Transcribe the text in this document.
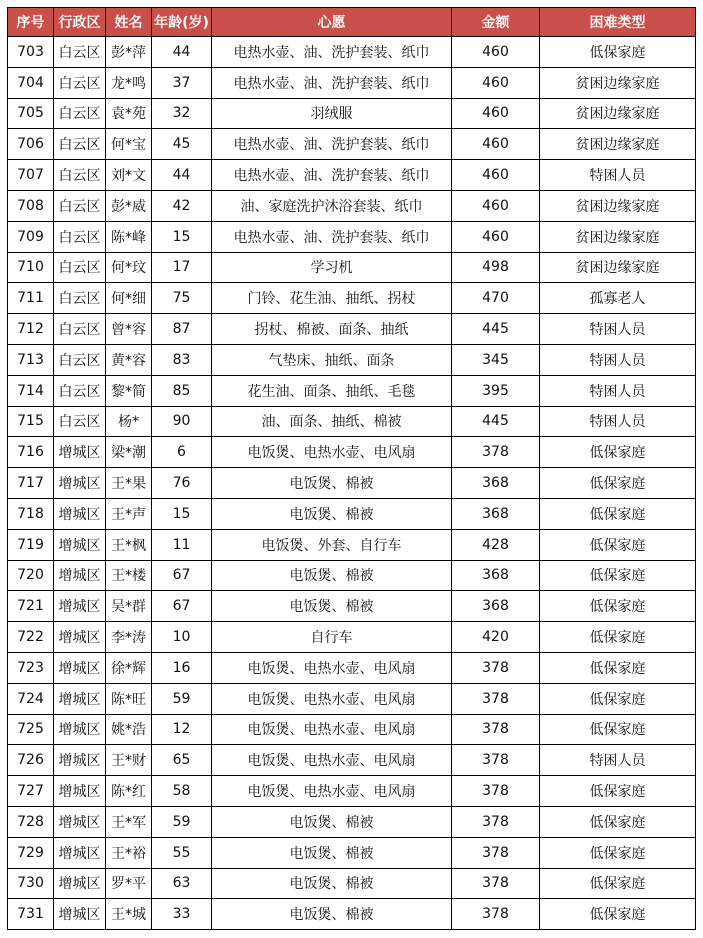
序号	行政区	姓名	年龄(岁)	心愿	金额	困难类型
703	白云区	彭*萍	44	电热水壶、油、洗护套装、纸巾	460	低保家庭
704	白云区	龙*鸣	37	电热水壶、油、洗护套装、纸巾	460	贫困边缘家庭
705	白云区	袁*苑	32	羽绒服	460	贫困边缘家庭
706	白云区	何*宝	45	电热水壶、油、洗护套装、纸巾	460	贫困边缘家庭
707	白云区	刘*文	44	电热水壶、油、洗护套装、纸巾	460	特困人员
708	白云区	彭*威	42	油、家庭洗护沐浴套装、纸巾	460	贫困边缘家庭
709	白云区	陈*峰	15	电热水壶、油、洗护套装、纸巾	460	贫困边缘家庭
710	白云区	何*玟	17	学习机	498	贫困边缘家庭
711	白云区	何*细	75	门铃、花生油、抽纸、拐杖	470	孤寡老人
712	白云区	曾*容	87	拐杖、棉被、面条、抽纸	445	特困人员
713	白云区	黄*容	83	气垫床、抽纸、面条	345	特困人员
714	白云区	黎*简	85	花生油、面条、抽纸、毛毯	395	特困人员
715	白云区	杨*	90	油、面条、抽纸、棉被	445	特困人员
716	增城区	梁*潮	6	电饭煲、电热水壶、电风扇	378	低保家庭
717	增城区	王*果	76	电饭煲、棉被	368	低保家庭
718	增城区	王*声	15	电饭煲、棉被	368	低保家庭
719	增城区	王*枫	11	电饭煲、外套、自行车	428	低保家庭
720	增城区	王*楼	67	电饭煲、棉被	368	低保家庭
721	增城区	吴*群	67	电饭煲、棉被	368	低保家庭
722	增城区	李*涛	10	自行车	420	低保家庭
723	增城区	徐*辉	16	电饭煲、电热水壶、电风扇	378	低保家庭
724	增城区	陈*旺	59	电饭煲、电热水壶、电风扇	378	低保家庭
725	增城区	姚*浩	12	电饭煲、电热水壶、电风扇	378	低保家庭
726	增城区	王*财	65	电饭煲、电热水壶、电风扇	378	特困人员
727	增城区	陈*红	58	电饭煲、电热水壶、电风扇	378	低保家庭
728	增城区	王*军	59	电饭煲、棉被	378	低保家庭
729	增城区	王*裕	55	电饭煲、棉被	378	低保家庭
730	增城区	罗*平	63	电饭煲、棉被	378	低保家庭
731	增城区	王*城	33	电饭煲、棉被	378	低保家庭
